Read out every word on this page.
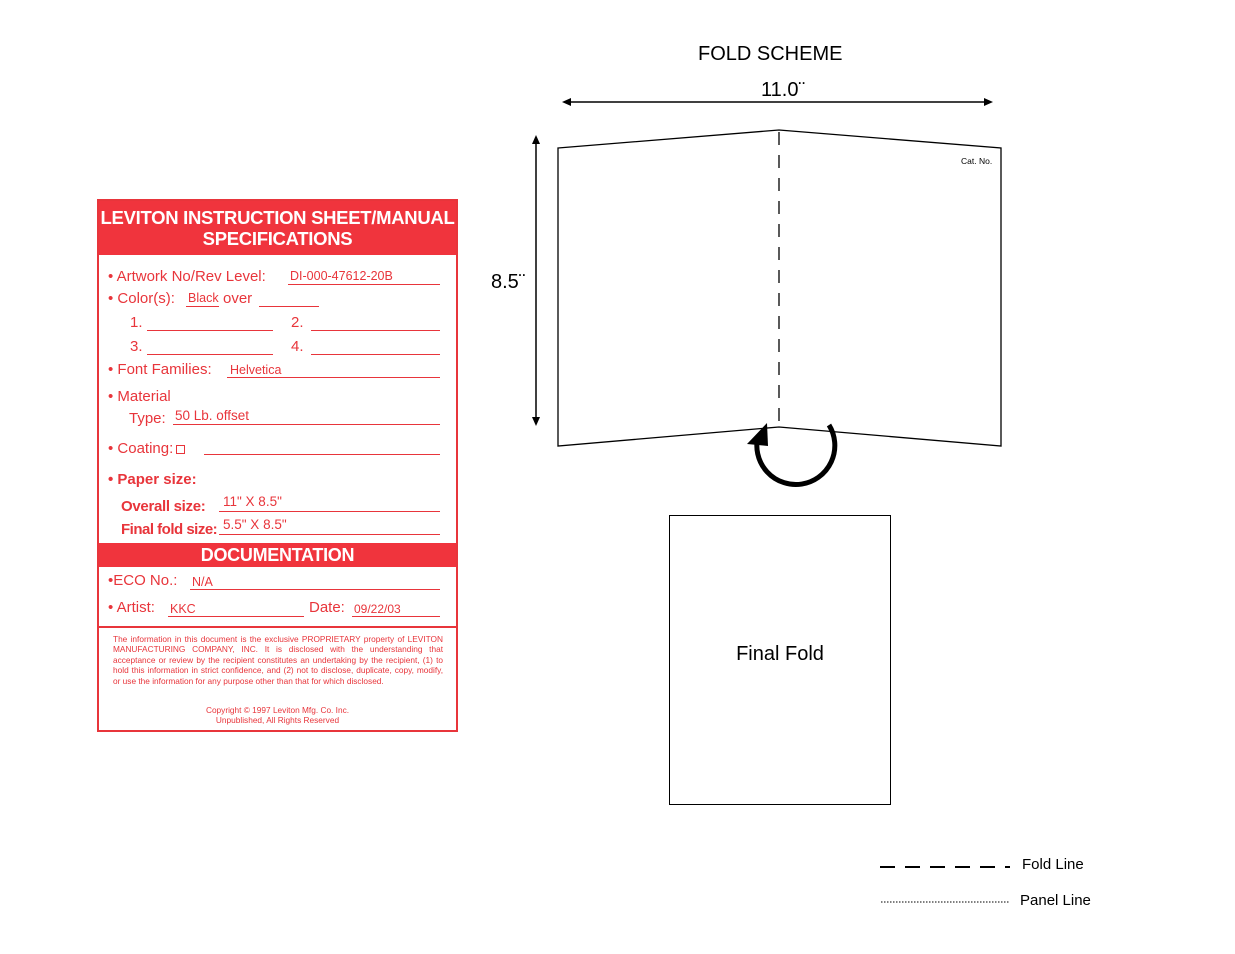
LEVITON INSTRUCTION SHEET/MANUAL
SPECIFICATIONS
• Artwork No/Rev Level: DI-000-47612-20B
• Color(s): Black over
1.	2.
3.	4.
• Font Families: Helvetica
• Material
Type: 50 Lb. offset
• Coating:
• Paper size:
Overall size: 11" X 8.5"
Final fold size: 5.5" X 8.5"
DOCUMENTATION
•ECO No.: N/A
• Artist: KKC	Date: 09/22/03
The information in this document is the exclusive PROPRIETARY property of LEVITON MANUFACTURING COMPANY, INC. It is disclosed with the understanding that acceptance or review by the recipient constitutes an undertaking by the recipient, (1) to hold this information in strict confidence, and (2) not to disclose, duplicate, copy, modify, or use the information for any purpose other than that for which disclosed.
Copyright © 1997 Leviton Mfg. Co. Inc.
Unpublished, All Rights Reserved
FOLD SCHEME
11.0¨
8.5¨
Cat. No.
Final Fold
Fold Line
Panel Line
